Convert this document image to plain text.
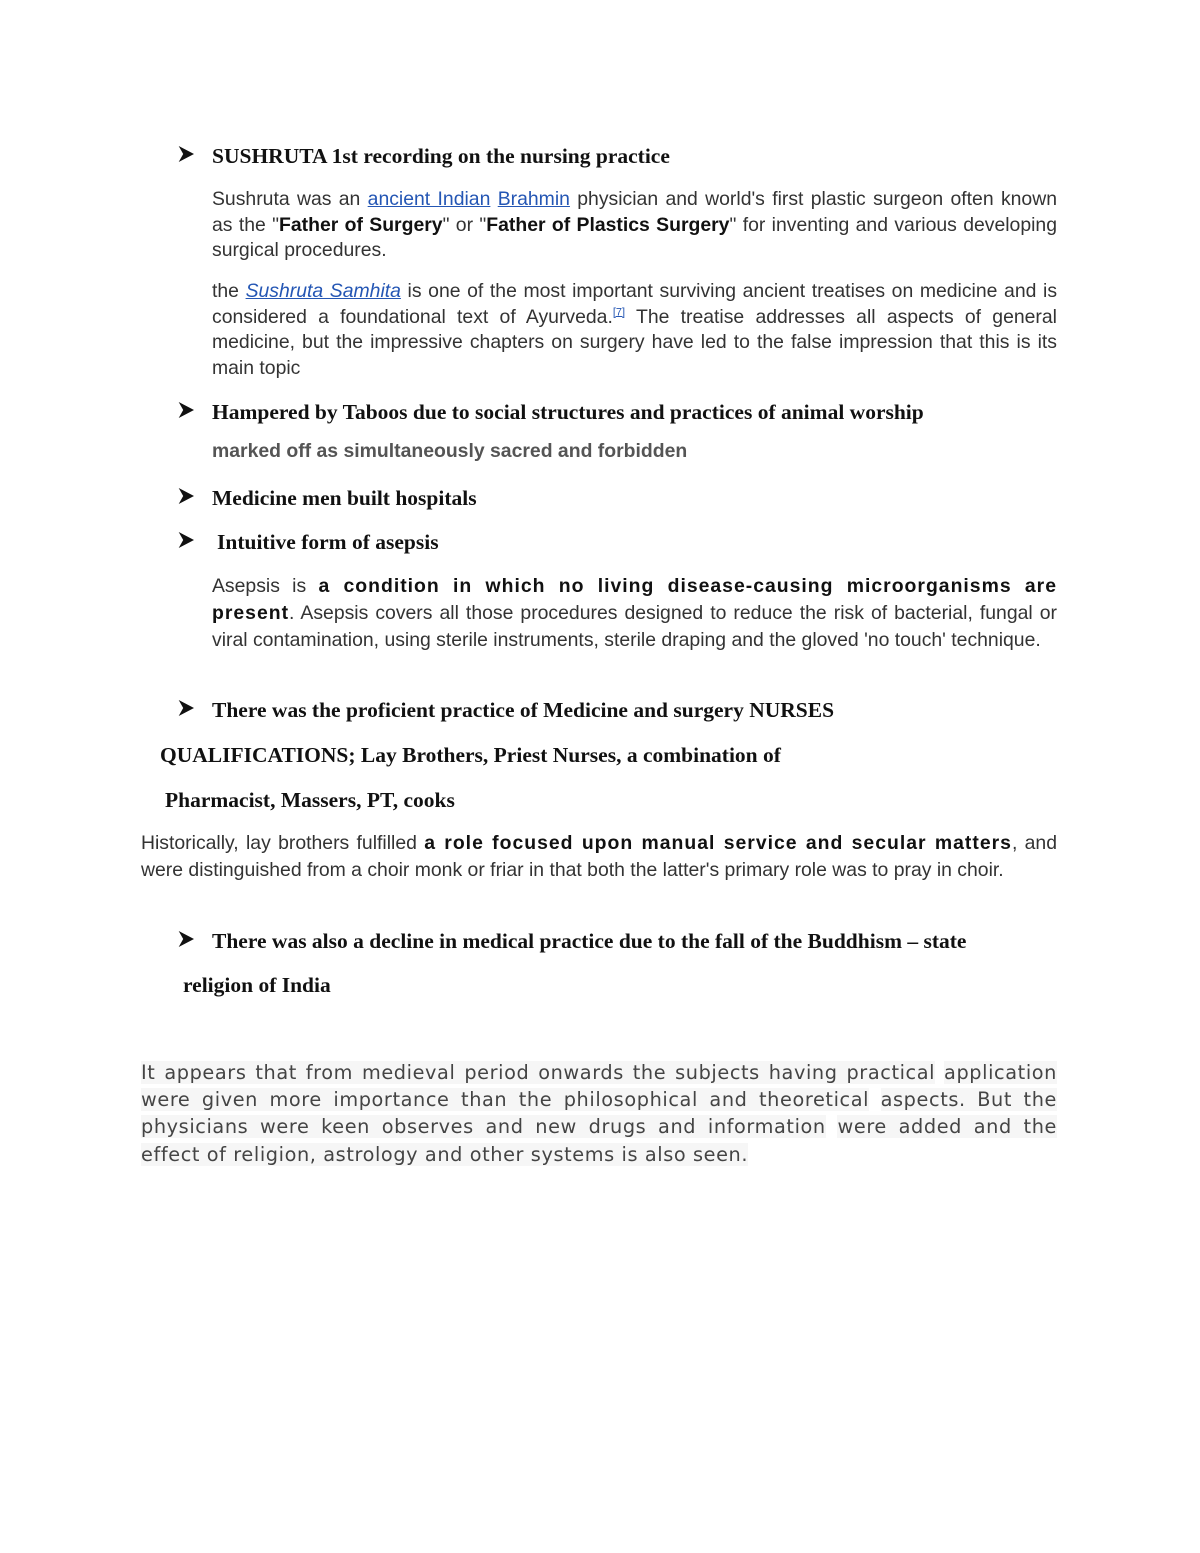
SUSHRUTA 1st recording on the nursing practice
Sushruta was an ancient Indian Brahmin physician and world's first plastic surgeon often known as the "Father of Surgery" or "Father of Plastics Surgery" for inventing and various developing surgical procedures.
the Sushruta Samhita is one of the most important surviving ancient treatises on medicine and is considered a foundational text of Ayurveda.[7] The treatise addresses all aspects of general medicine, but the impressive chapters on surgery have led to the false impression that this is its main topic
Hampered by Taboos due to social structures and practices of animal worship
marked off as simultaneously sacred and forbidden
Medicine men built hospitals
Intuitive form of asepsis
Asepsis is a condition in which no living disease-causing microorganisms are present. Asepsis covers all those procedures designed to reduce the risk of bacterial, fungal or viral contamination, using sterile instruments, sterile draping and the gloved 'no touch' technique.
There was the proficient practice of Medicine and surgery NURSES
QUALIFICATIONS; Lay Brothers, Priest Nurses, a combination of
Pharmacist, Massers, PT, cooks
Historically, lay brothers fulfilled a role focused upon manual service and secular matters, and were distinguished from a choir monk or friar in that both the latter's primary role was to pray in choir.
There was also a decline in medical practice due to the fall of the Buddhism – state
religion of India
It appears that from medieval period onwards the subjects having practical application were given more importance than the philosophical and theoretical aspects. But the physicians were keen observes and new drugs and information were added and the effect of religion, astrology and other systems is also seen.
